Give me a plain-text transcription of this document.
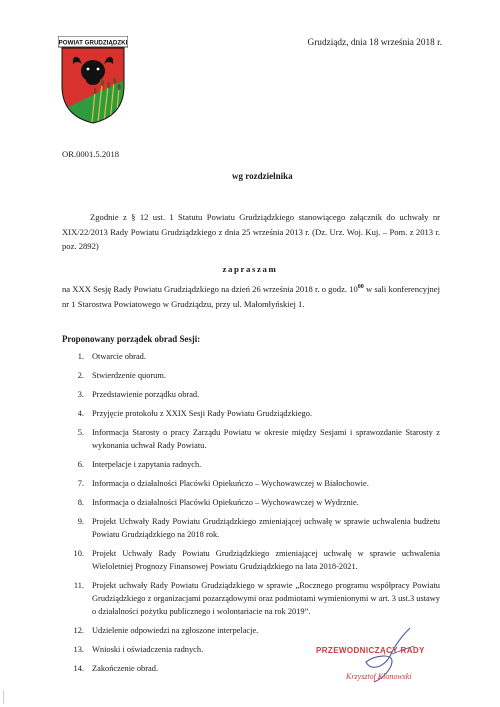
POWIAT GRUDZIĄDZKI	Grudziądz, dnia 18 września 2018 r.
OR.0001.5.2018
wg rozdzielnika
Zgodnie z § 12 ust. 1 Statutu Powiatu Grudziądzkiego stanowiącego załącznik do uchwały nr XIX/22/2013 Rady Powiatu Grudziądzkiego z dnia 25 września 2013 r. (Dz. Urz. Woj. Kuj. – Pom. z 2013 r. poz. 2892)
zapraszam
na XXX Sesję Rady Powiatu Grudziądzkiego na dzień 26 września 2018 r. o godz. $10^{00}$ w sali konferencyjnej nr 1 Starostwa Powiatowego w Grudziądzu, przy ul. Małomłyńskiej 1.
Proponowany porządek obrad Sesji:
1. Otwarcie obrad.
2. Stwierdzenie quorum.
3. Przedstawienie porządku obrad.
4. Przyjęcie protokołu z XXIX Sesji Rady Powiatu Grudziądzkiego.
5. Informacja Starosty o pracy Zarządu Powiatu w okresie między Sesjami i sprawozdanie Starosty z wykonania uchwał Rady Powiatu.
6. Interpelacje i zapytania radnych.
7. Informacja o działalności Placówki Opiekuńczo – Wychowawczej w Białochowie.
8. Informacja o działalności Placówki Opiekuńczo – Wychowawczej w Wydrznie.
9. Projekt Uchwały Rady Powiatu Grudziądzkiego zmieniającej uchwałę w sprawie uchwalenia budżetu Powiatu Grudziądzkiego na 2018 rok.
10. Projekt Uchwały Rady Powiatu Grudziądzkiego zmieniającej uchwałę w sprawie uchwalenia Wieloletniej Prognozy Finansowej Powiatu Grudziądzkiego na lata 2018-2021.
11. Projekt uchwały Rady Powiatu Grudziądzkiego w sprawie „Rocznego programu współpracy Powiatu Grudziądzkiego z organizacjami pozarządowymi oraz podmiotami wymienionymi w art. 3 ust.3 ustawy o działalności pożytku publicznego i wolontariacie na rok 2019”.
12. Udzielenie odpowiedzi na zgłoszone interpelacje.
13. Wnioski i oświadczenia radnych.
14. Zakończenie obrad.
PRZEWODNICZĄCY RADY
Krzysztof Klonowski
